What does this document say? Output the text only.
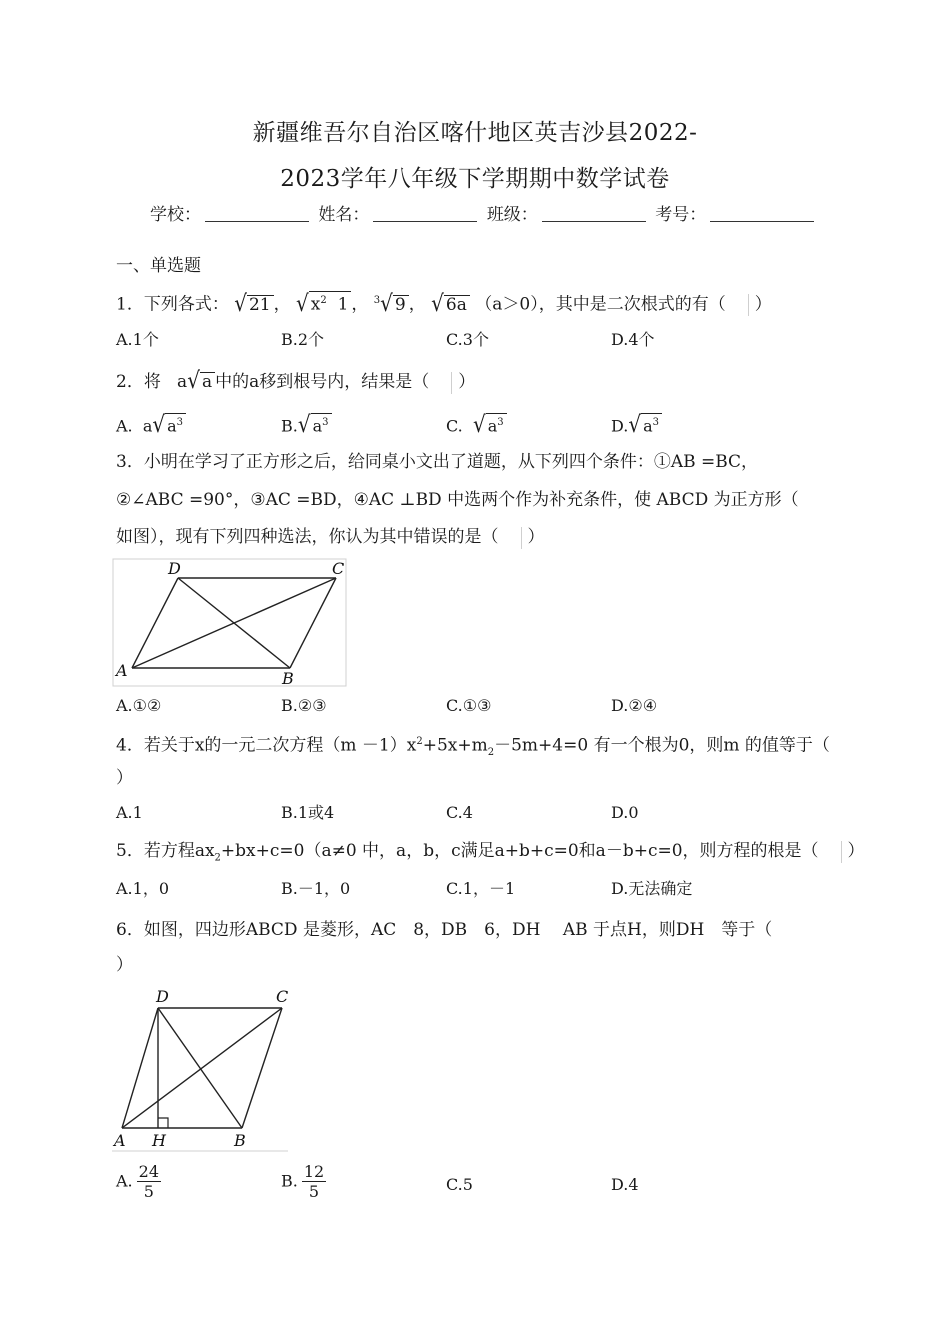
新疆维吾尔自治区喀什地区英吉沙县2022-
2023学年八年级下学期期中数学试卷
学校：	姓名：	班级：	考号：
一、单选题
1．下列各式： √ 21 ， √ $x^2$ 1 ， $^3$√ 9 ， √ 6a （a＞0），其中是二次根式的有（ ）
A.1个	B.2个	C.3个	D.4个
2．将 a√ a 中的a移到根号内，结果是（ ）
A. a√ $a^3$	B.√ $a^3$	C. √ $a^3$	D.√ $a^3$
3．小明在学习了正方形之后，给同桌小文出了道题，从下列四个条件：①AB =BC，
②∠ABC =90°，③AC =BD，④AC ⊥BD 中选两个作为补充条件，使 ABCD 为正方形（
如图），现有下列四种选法，你认为其中错误的是（ ）
A	B
C
D
A.①②	B.②③	C.①③	D.②④
4．若关于x的一元二次方程$(m -1)x^2+5x+m_2-5m+4=0$ 有一个根为0，则m 的值等于（
）
A.1	B.1或4	C.4	D.0
5．若方程$ax_2+bx+c=0(a\ne 0$ 中，a，b，c满足a+b+c=0和a－b+c=0，则方程的根是（ ）
A.1，0	B.－1，0	C.1，－1	D.无法确定
6．如图，四边形ABCD 是菱形，AC　8，DB　6，DH　 AB 于点H，则DH　等于（
）
A H	B
C
D
A. $\frac{24}{5}$	B. $\frac{12}{5}$	C.5	D.4
